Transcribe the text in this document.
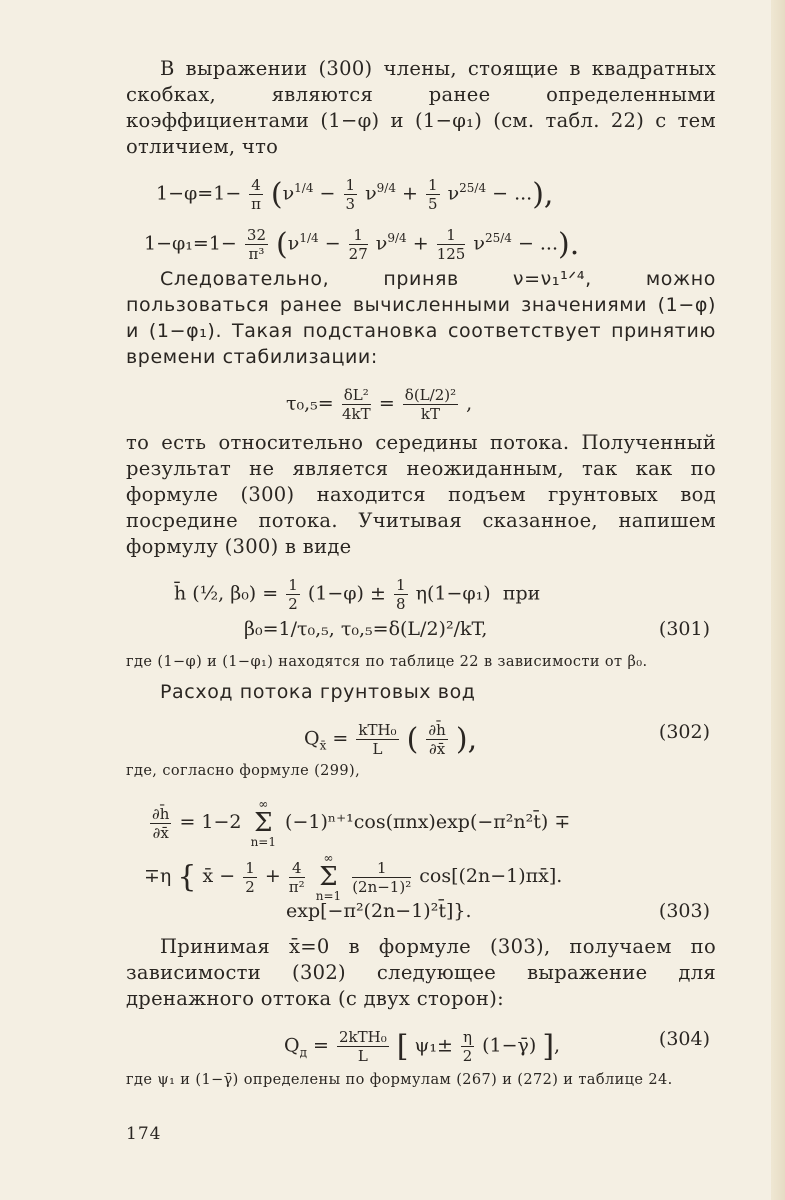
В выражении (300) члены, стоящие в квадратных скобках, являются ранее определенными коэффициентами (1−φ) и (1−φ₁) (см. табл. 22) с тем отличием, что

$1-\varphi=1- \frac{4}{\pi} (\nu^{1/4} - \frac{1}{3} \nu^{9/4} + \frac{1}{5} \nu^{25/4}$ − ...),
$1-\varphi_1=1- \frac{32}{\text{π³}} (\nu^{1/4} - \frac{1}{27} \nu^{9/4} + \frac{1}{125} \nu^{25/4}$ − ...).

Следовательно, приняв ν=ν₁¹ᐟ⁴, можно пользоваться ранее вычисленными значениями (1−φ) и (1−φ₁). Такая подстановка соответствует принятию времени стабилизации:

$\tau_0,_5= \frac{\text{δL²}}{4kT} = \frac{\text{δ(L/2)²}}{kT}$ ,

то есть относительно середины потока. Полученный результат не является неожиданным, так как по формуле (300) находится подъем грунтовых вод посредине потока. Учитывая сказанное, напишем формулу (300) в виде

h̄ (½, $\beta_0) = \frac{1}{2} (1-\varphi) \pm \frac{1}{8} \eta(1-\varphi_1)$ при
β₀=1/τ₀,₅, τ₀,₅=δ(L/2)²/kT,	(301)

где (1−φ) и (1−φ₁) находятся по таблице 22 в зависимости от β₀.

Расход потока грунтовых вод

$Q_{x̄} = \frac{\text{kTH₀}}{L}$ ( $\frac{\partial h̄}{\partial x̄}$ ),	(302)

где, согласно формуле (299),

$\frac{\partial h̄}{\partial x̄} = 1-2$ ∞
Σ
n=1 (−1)ⁿ⁺¹cos(πnx)exp(−π²n²t̄) ∓
∓η { x̄ − $\frac{1}{2} + \frac{4}{\text{π²}}$
∞
Σ
n=1
$\frac{1}{\text{(2n−1)²}}$ cos[(2n−1)πx̄].
exp[−π²(2n−1)²t̄]}.	(303)

Принимая x̄=0 в формуле (303), получаем по зависимости (302) следующее выражение для дренажного оттока (с двух сторон):

$Q_д = \frac{\text{2kTH₀}}{L}$ [ $\psi_1\pm \frac{\eta}{2}$ (1−γ̄) ],	(304)

где ψ₁ и (1−γ̄) определены по формулам (267) и (272) и таблице 24.

174
